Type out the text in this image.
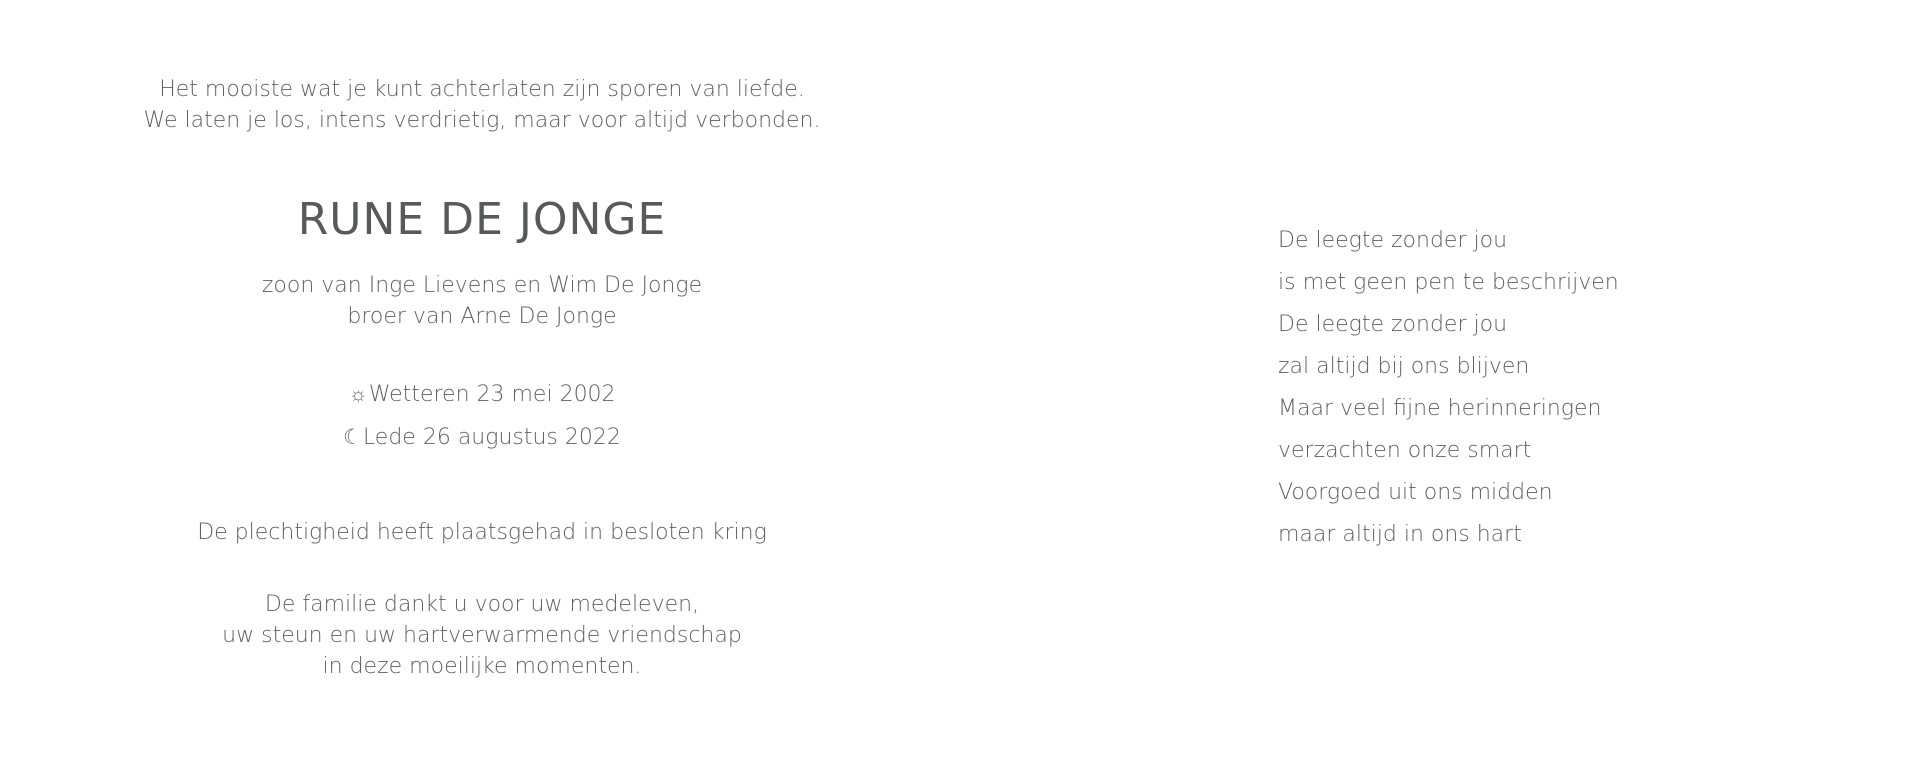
Het mooiste wat je kunt achterlaten zijn sporen van liefde.
We laten je los, intens verdrietig, maar voor altijd verbonden.
RUNE DE JONGE
zoon van Inge Lievens en Wim De Jonge
broer van Arne De Jonge
☼Wetteren 23 mei 2002
☾Lede 26 augustus 2022
De plechtigheid heeft plaatsgehad in besloten kring
De familie dankt u voor uw medeleven,
uw steun en uw hartverwarmende vriendschap
in deze moeilijke momenten.
De leegte zonder jou
is met geen pen te beschrijven
De leegte zonder jou
zal altijd bij ons blijven
Maar veel fijne herinneringen
verzachten onze smart
Voorgoed uit ons midden
maar altijd in ons hart
